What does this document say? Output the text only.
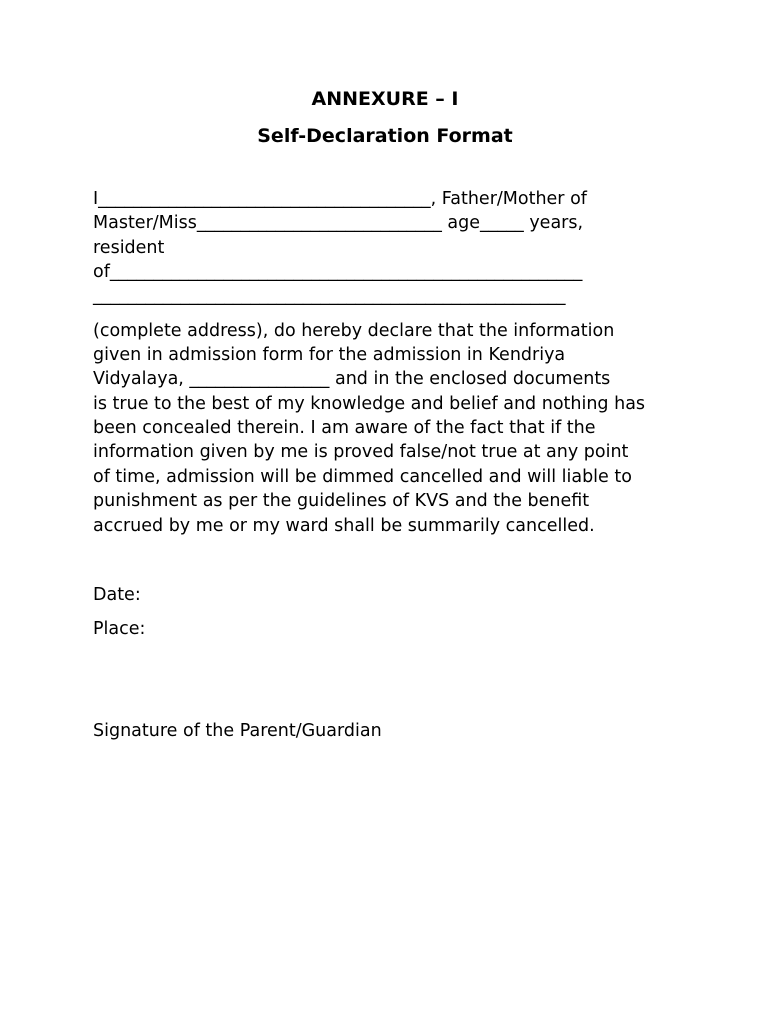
ANNEXURE – I
Self-Declaration Format
I______________________________________, Father/Mother of
Master/Miss____________________________ age_____ years,
resident
of______________________________________________________
______________________________________________________
(complete address), do hereby declare that the information
given in admission form for the admission in Kendriya
Vidyalaya, ________________ and in the enclosed documents
is true to the best of my knowledge and belief and nothing has
been concealed therein. I am aware of the fact that if the
information given by me is proved false/not true at any point
of time, admission will be dimmed cancelled and will liable to
punishment as per the guidelines of KVS and the benefit
accrued by me or my ward shall be summarily cancelled.
Date:
Place:
Signature of the Parent/Guardian
